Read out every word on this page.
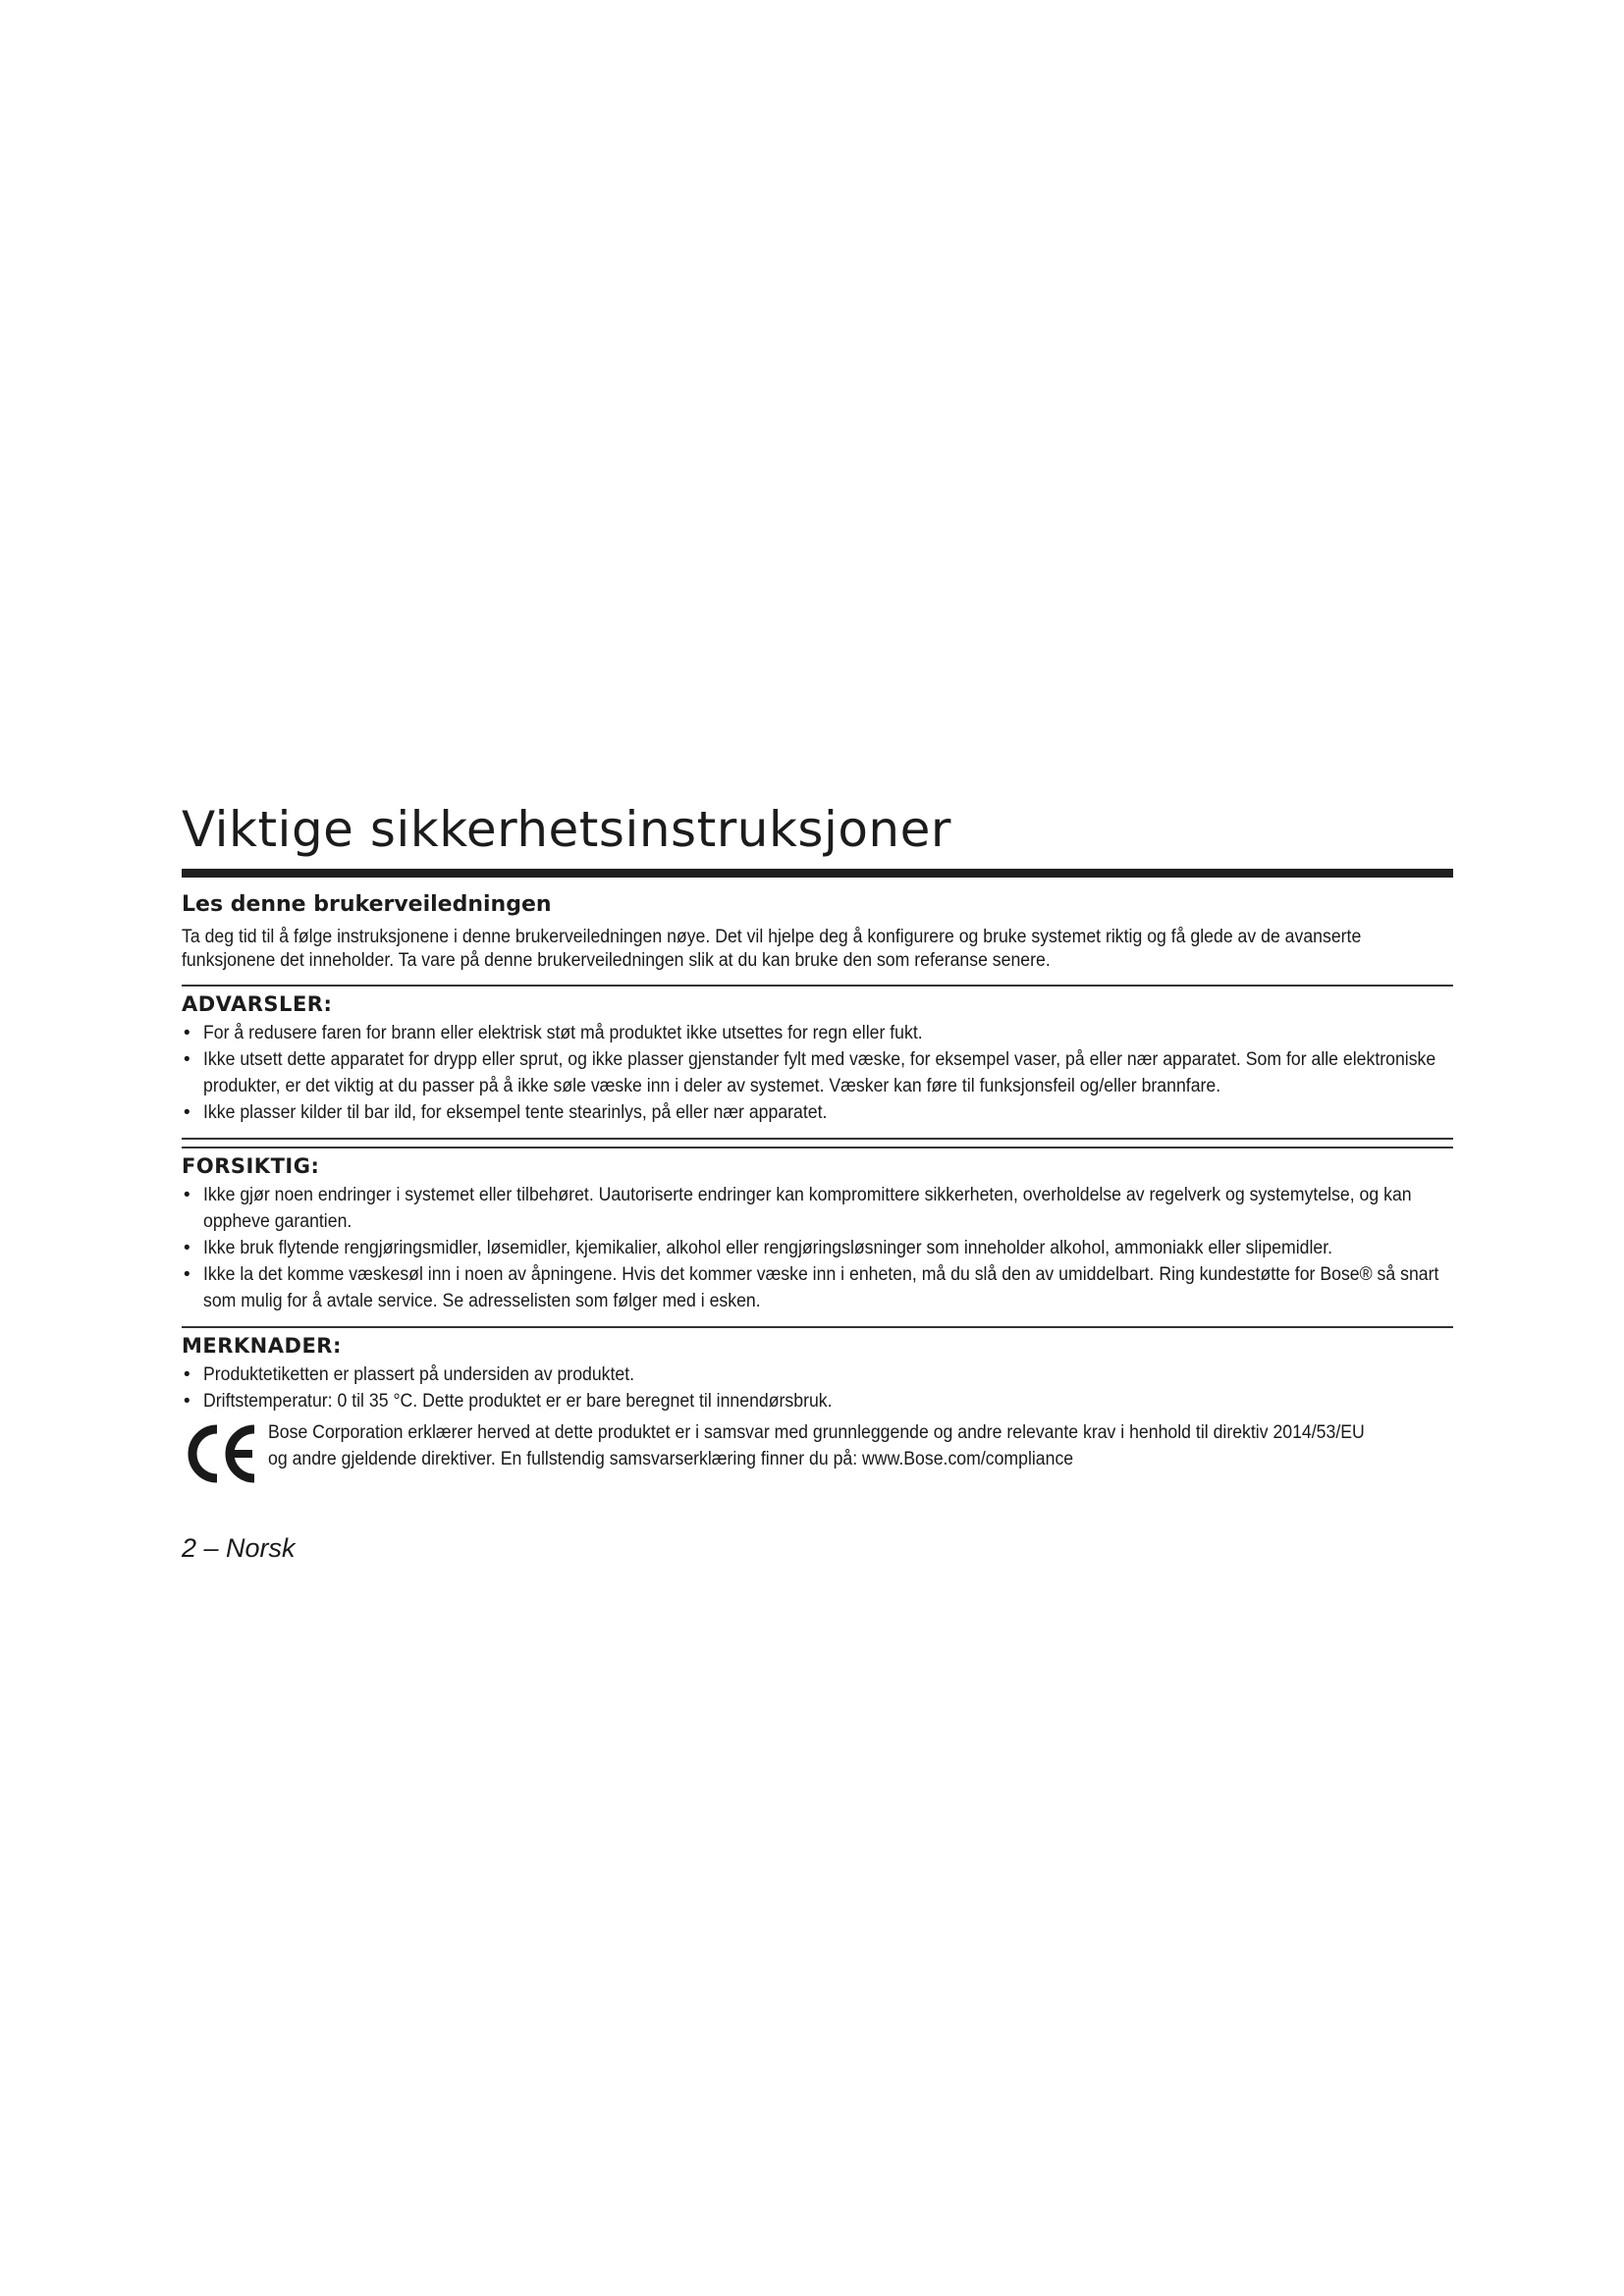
Viktige sikkerhetsinstruksjoner
Les denne brukerveiledningen

Ta deg tid til å følge instruksjonene i denne brukerveiledningen nøye. Det vil hjelpe deg å konfigurere og bruke systemet riktig og få glede av de avanserte funksjonene det inneholder. Ta vare på denne brukerveiledningen slik at du kan bruke den som referanse senere.

ADVARSLER:
• For å redusere faren for brann eller elektrisk støt må produktet ikke utsettes for regn eller fukt.
• Ikke utsett dette apparatet for drypp eller sprut, og ikke plasser gjenstander fylt med væske, for eksempel vaser, på eller nær apparatet. Som for alle elektroniske produkter, er det viktig at du passer på å ikke søle væske inn i deler av systemet. Væsker kan føre til funksjonsfeil og/eller brannfare.
• Ikke plasser kilder til bar ild, for eksempel tente stearinlys, på eller nær apparatet.
FORSIKTIG:
• Ikke gjør noen endringer i systemet eller tilbehøret. Uautoriserte endringer kan kompromittere sikkerheten, overholdelse av regelverk og systemytelse, og kan oppheve garantien.
• Ikke bruk flytende rengjøringsmidler, løsemidler, kjemikalier, alkohol eller rengjøringsløsninger som inneholder alkohol, ammoniakk eller slipemidler.
• Ikke la det komme væskesøl inn i noen av åpningene. Hvis det kommer væske inn i enheten, må du slå den av umiddelbart. Ring kundestøtte for Bose® så snart som mulig for å avtale service. Se adresselisten som følger med i esken.
MERKNADER:
• Produktetiketten er plassert på undersiden av produktet.
• Driftstemperatur: 0 til 35 °C. Dette produktet er er bare beregnet til innendørsbruk.
Bose Corporation erklærer herved at dette produktet er i samsvar med grunnleggende og andre relevante krav i henhold til direktiv 2014/53/EU og andre gjeldende direktiver. En fullstendig samsvarserklæring finner du på: www.Bose.com/compliance
2 – Norsk
